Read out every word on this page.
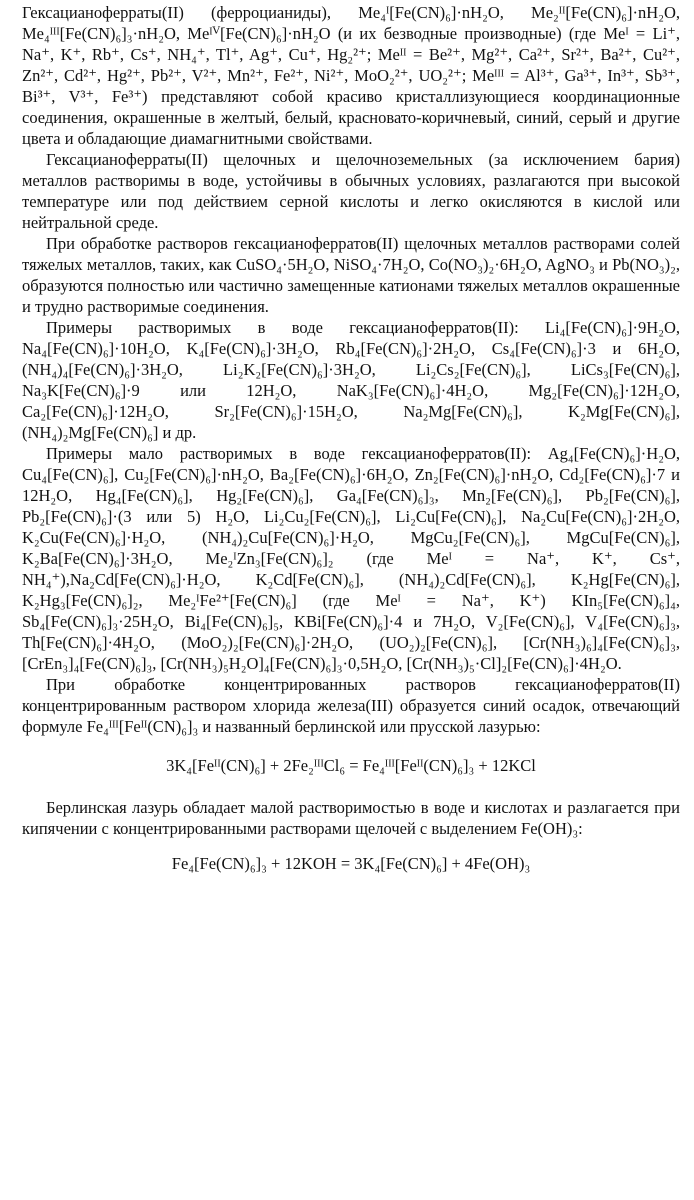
Гексацианоферраты(II) (ферроцианиды), Me₄ᴵ[Fe(CN)₆]·nH₂O, Me₂ᴵᴵ[Fe(CN)₆]·nH₂O, Me₄ᴵᴵᴵ[Fe(CN)₆]₃·nH₂O, Meᴵⱽ[Fe(CN)₆]·nH₂O (и их безводные производные) (где Meᴵ = Li⁺, Na⁺, K⁺, Rb⁺, Cs⁺, NH₄⁺, Tl⁺, Ag⁺, Cu⁺, Hg₂²⁺; Meᴵᴵ = Be²⁺, Mg²⁺, Ca²⁺, Sr²⁺, Ba²⁺, Cu²⁺, Zn²⁺, Cd²⁺, Hg²⁺, Pb²⁺, V²⁺, Mn²⁺, Fe²⁺, Ni²⁺, MoO₂²⁺, UO₂²⁺; Meᴵᴵᴵ = Al³⁺, Ga³⁺, In³⁺, Sb³⁺, Bi³⁺, V³⁺, Fe³⁺) представляют собой красиво кристаллизующиеся координационные соединения, окрашенные в желтый, белый, красновато-коричневый, синий, серый и другие цвета и обладающие диамагнитными свойствами.

Гексацианоферраты(II) щелочных и щелочноземельных (за исключением бария) металлов растворимы в воде, устойчивы в обычных условиях, разлагаются при высокой температуре или под действием серной кислоты и легко окисляются в кислой или нейтральной среде.

При обработке растворов гексацианоферратов(II) щелочных металлов растворами солей тяжелых металлов, таких, как CuSO₄·5H₂O, NiSO₄·7H₂O, Co(NO₃)₂·6H₂O, AgNO₃ и Pb(NO₃)₂, образуются полностью или частично замещенные катионами тяжелых металлов окрашенные и трудно растворимые соединения.

Примеры растворимых в воде гексацианоферратов(II): Li₄[Fe(CN)₆]·9H₂O, Na₄[Fe(CN)₆]·10H₂O, K₄[Fe(CN)₆]·3H₂O, Rb₄[Fe(CN)₆]·2H₂O, Cs₄[Fe(CN)₆]·3 и 6H₂O, (NH₄)₄[Fe(CN)₆]·3H₂O, Li₂K₂[Fe(CN)₆]·3H₂O, Li₂Cs₂[Fe(CN)₆], LiCs₃[Fe(CN)₆], Na₃K[Fe(CN)₆]·9 или 12H₂O, NaK₃[Fe(CN)₆]·4H₂O, Mg₂[Fe(CN)₆]·12H₂O, Ca₂[Fe(CN)₆]·12H₂O, Sr₂[Fe(CN)₆]·15H₂O, Na₂Mg[Fe(CN)₆], K₂Mg[Fe(CN)₆], (NH₄)₂Mg[Fe(CN)₆] и др.

Примеры мало растворимых в воде гексацианоферратов(II): Ag₄[Fe(CN)₆]·H₂O, Cu₄[Fe(CN)₆], Cu₂[Fe(CN)₆]·nH₂O, Ba₂[Fe(CN)₆]·6H₂O, Zn₂[Fe(CN)₆]·nH₂O, Cd₂[Fe(CN)₆]·7 и 12H₂O, Hg₄[Fe(CN)₆], Hg₂[Fe(CN)₆], Ga₄[Fe(CN)₆]₃, Mn₂[Fe(CN)₆], Pb₂[Fe(CN)₆], Pb₂[Fe(CN)₆]·(3 или 5) H₂O, Li₂Cu₂[Fe(CN)₆], Li₂Cu[Fe(CN)₆], Na₂Cu[Fe(CN)₆]·2H₂O, K₂Cu(Fe(CN)₆]·H₂O, (NH₄)₂Cu[Fe(CN)₆]·H₂O, MgCu₂[Fe(CN)₆], MgCu[Fe(CN)₆], K₂Ba[Fe(CN)₆]·3H₂O, Me₂ᴵZn₃[Fe(CN)₆]₂ (где Meᴵ = Na⁺, K⁺, Cs⁺, NH₄⁺),Na₂Cd[Fe(CN)₆]·H₂O, K₂Cd[Fe(CN)₆], (NH₄)₂Cd[Fe(CN)₆], K₂Hg[Fe(CN)₆], K₂Hg₃[Fe(CN)₆]₂, Me₂ᴵFe²⁺[Fe(CN)₆] (где Meᴵ = Na⁺, K⁺) KIn₅[Fe(CN)₆]₄, Sb₄[Fe(CN)₆]₃·25H₂O, Bi₄[Fe(CN)₆]₅, KBi[Fe(CN)₆]·4 и 7H₂O, V₂[Fe(CN)₆], V₄[Fe(CN)₆]₃, Th[Fe(CN)₆]·4H₂O, (MoO₂)₂[Fe(CN)₆]·2H₂O, (UO₂)₂[Fe(CN)₆], [Cr(NH₃)₆]₄[Fe(CN)₆]₃, [CrEn₃]₄[Fe(CN)₆]₃, [Cr(NH₃)₅H₂O]₄[Fe(CN)₆]₃·0,5H₂O, [Cr(NH₃)₅·Cl]₂[Fe(CN)₆]·4H₂O.

При обработке концентрированных растворов гексацианоферратов(II) концентрированным раствором хлорида железа(III) образуется синий осадок, отвечающий формуле Fe₄ᴵᴵᴵ[Feᴵᴵ(CN)₆]₃ и названный берлинской или прусской лазурью:

3K₄[Feᴵᴵ(CN)₆] + 2Fe₂ᴵᴵᴵCl₆ = Fe₄ᴵᴵᴵ[Feᴵᴵ(CN)₆]₃ + 12KCl

Берлинская лазурь обладает малой растворимостью в воде и кислотах и разлагается при кипячении с концентрированными растворами щелочей с выделением Fe(OH)₃:

Fe₄[Fe(CN)₆]₃ + 12KOH = 3K₄[Fe(CN)₆] + 4Fe(OH)₃
